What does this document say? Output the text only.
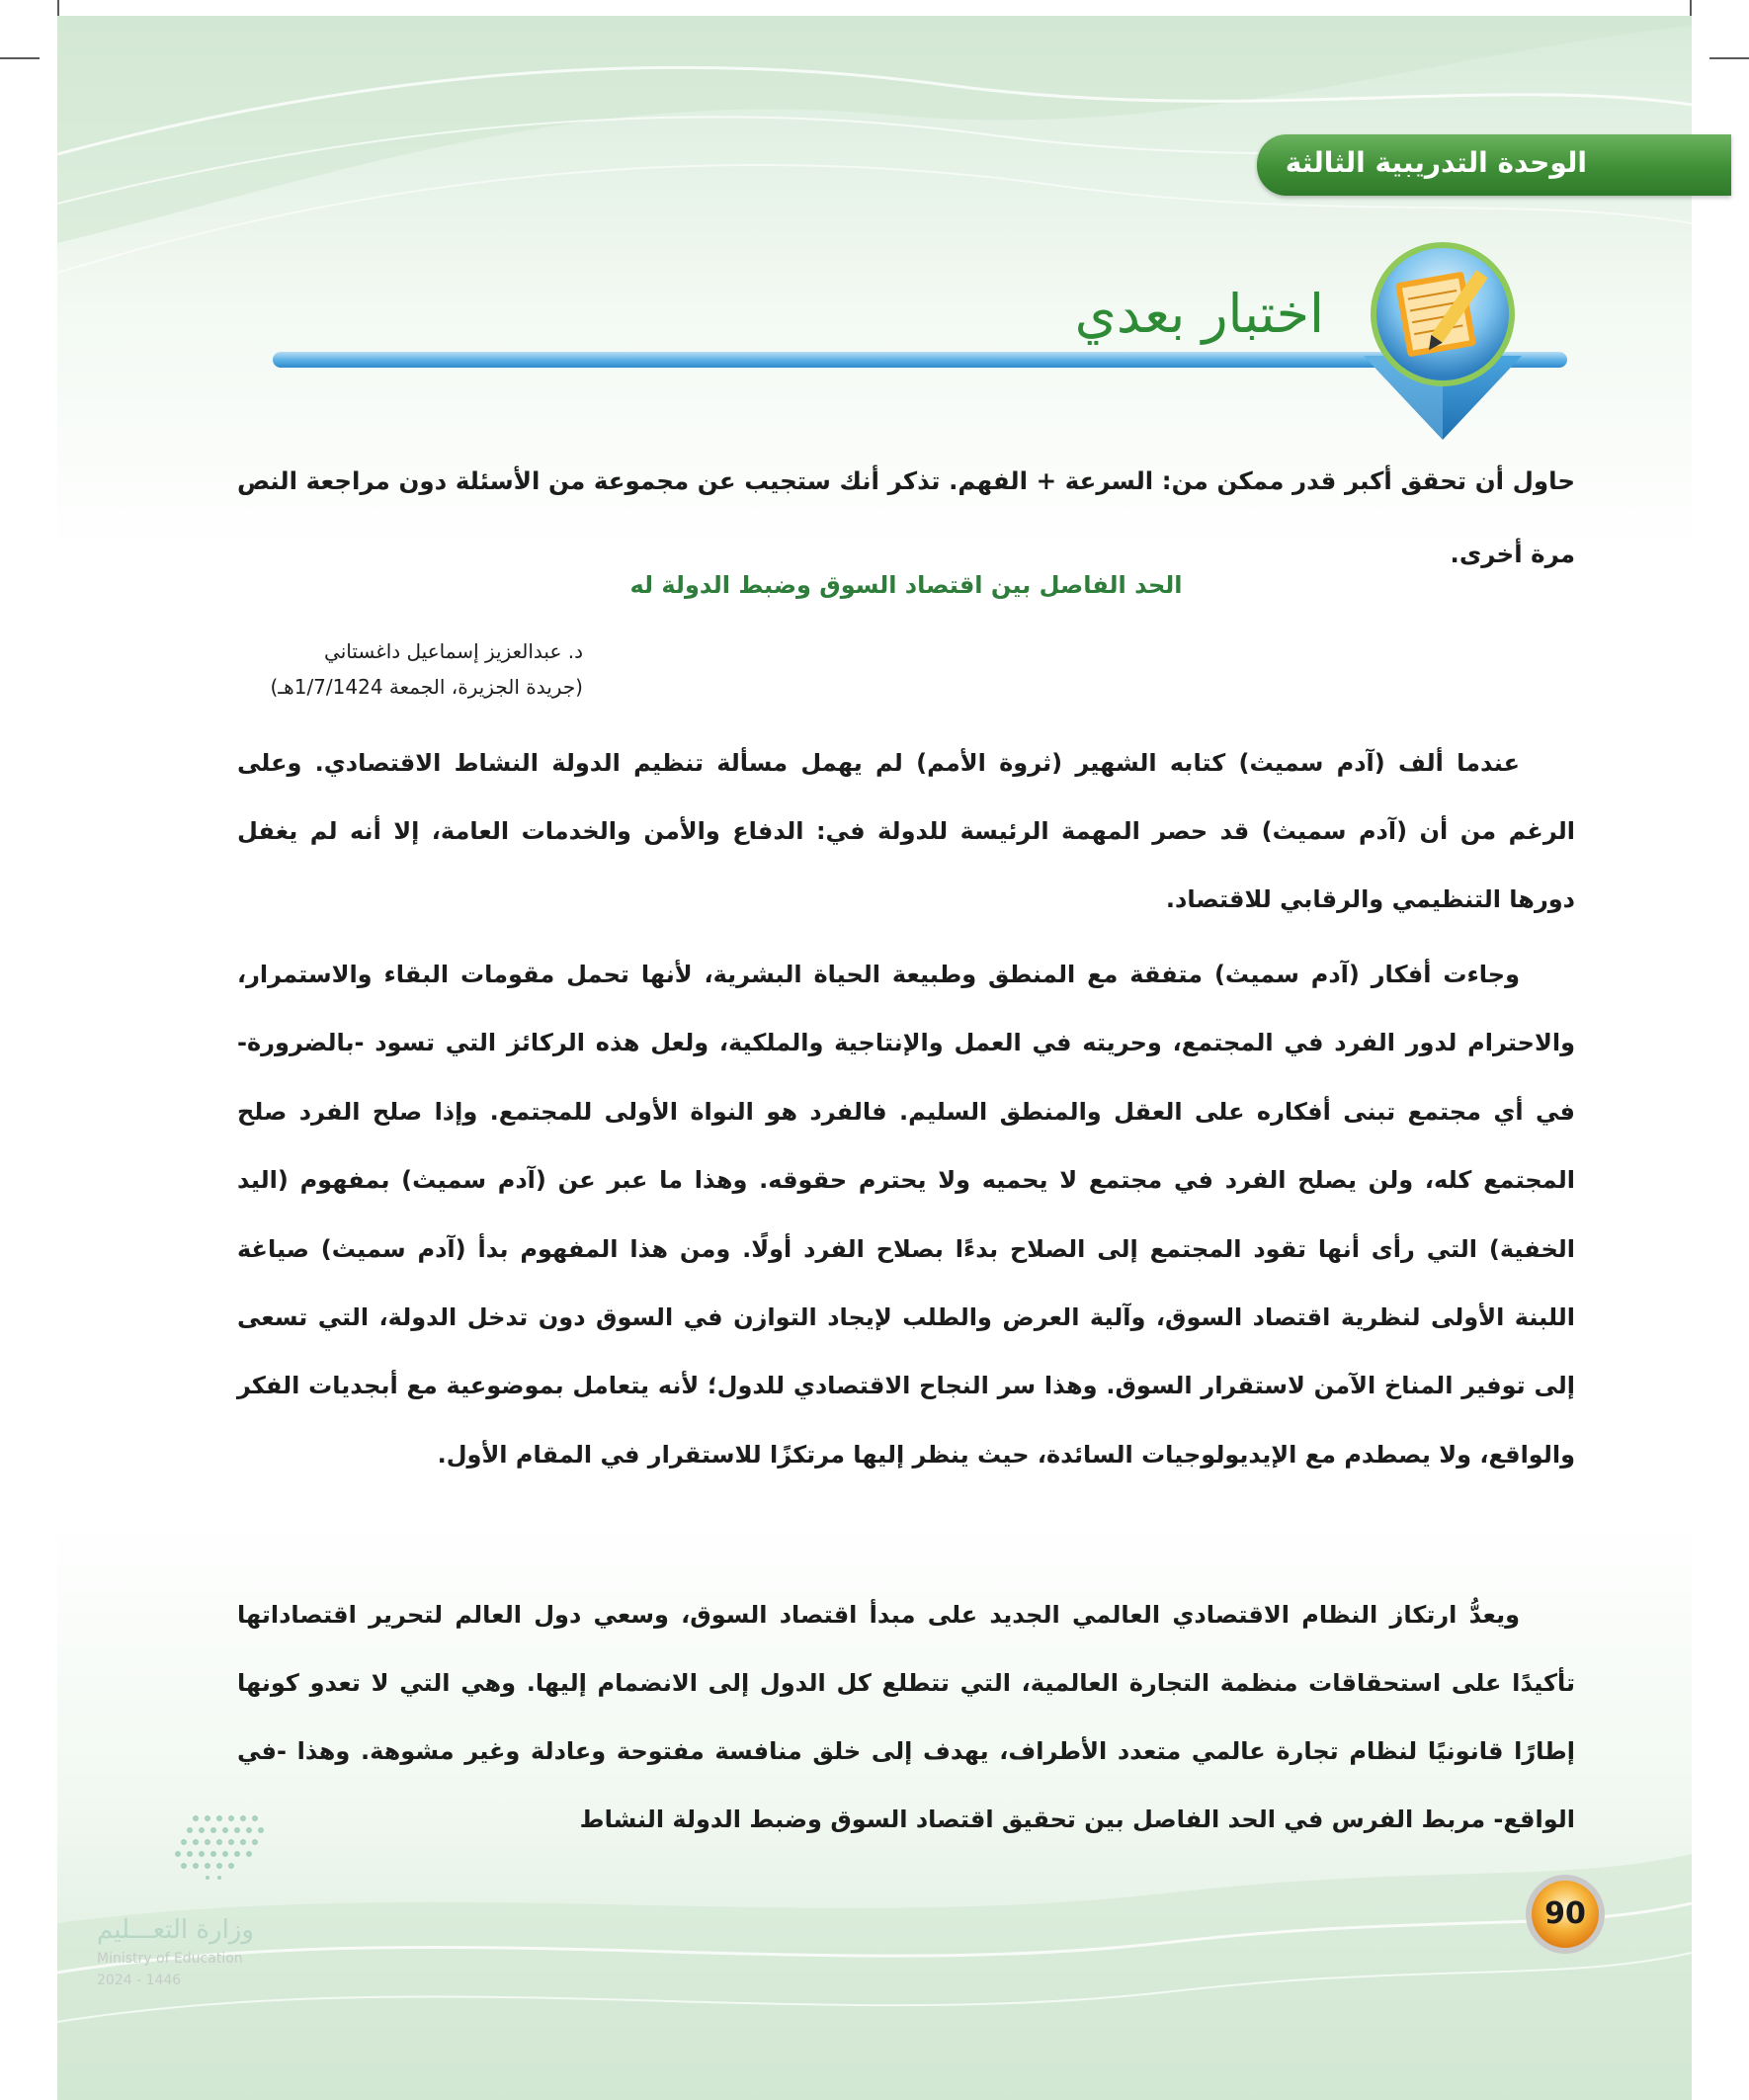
الوحدة التدريبية الثالثة
اختبار بعدي
حاول أن تحقق أكبر قدر ممكن من: السرعة + الفهم. تذكر أنك ستجيب عن مجموعة من الأسئلة دون مراجعة النص مرة أخرى.
الحد الفاصل بين اقتصاد السوق وضبط الدولة له
د. عبدالعزيز إسماعيل داغستاني
(جريدة الجزيرة، الجمعة 1/7/1424هـ)

عندما ألف (آدم سميث) كتابه الشهير (ثروة الأمم) لم يهمل مسألة تنظيم الدولة النشاط الاقتصادي. وعلى الرغم من أن (آدم سميث) قد حصر المهمة الرئيسة للدولة في: الدفاع والأمن والخدمات العامة، إلا أنه لم يغفل دورها التنظيمي والرقابي للاقتصاد.

وجاءت أفكار (آدم سميث) متفقة مع المنطق وطبيعة الحياة البشرية، لأنها تحمل مقومات البقاء والاستمرار، والاحترام لدور الفرد في المجتمع، وحريته في العمل والإنتاجية والملكية، ولعل هذه الركائز التي تسود -بالضرورة- في أي مجتمع تبنى أفكاره على العقل والمنطق السليم. فالفرد هو النواة الأولى للمجتمع. وإذا صلح الفرد صلح المجتمع كله، ولن يصلح الفرد في مجتمع لا يحميه ولا يحترم حقوقه. وهذا ما عبر عن (آدم سميث) بمفهوم (اليد الخفية) التي رأى أنها تقود المجتمع إلى الصلاح بدءًا بصلاح الفرد أولًا. ومن هذا المفهوم بدأ (آدم سميث) صياغة اللبنة الأولى لنظرية اقتصاد السوق، وآلية العرض والطلب لإيجاد التوازن في السوق دون تدخل الدولة، التي تسعى إلى توفير المناخ الآمن لاستقرار السوق. وهذا سر النجاح الاقتصادي للدول؛ لأنه يتعامل بموضوعية مع أبجديات الفكر والواقع، ولا يصطدم مع الإيديولوجيات السائدة، حيث ينظر إليها مرتكزًا للاستقرار في المقام الأول.

ويعدُّ ارتكاز النظام الاقتصادي العالمي الجديد على مبدأ اقتصاد السوق، وسعي دول العالم لتحرير اقتصاداتها تأكيدًا على استحقاقات منظمة التجارة العالمية، التي تتطلع كل الدول إلى الانضمام إليها. وهي التي لا تعدو كونها إطارًا قانونيًا لنظام تجارة عالمي متعدد الأطراف، يهدف إلى خلق منافسة مفتوحة وعادلة وغير مشوهة. وهذا -في الواقع- مربط الفرس في الحد الفاصل بين تحقيق اقتصاد السوق وضبط الدولة النشاط

وزارة التعـــليم
Ministry of Education
2024 - 1446
90
